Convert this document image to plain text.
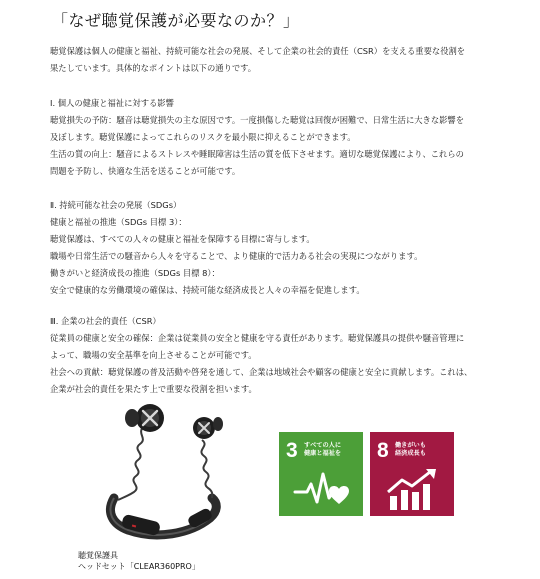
「なぜ聴覚保護が必要なのか？」
聴覚保護は個人の健康と福祉、持続可能な社会の発展、そして企業の社会的責任（CSR）を支える重要な役割を
果たしています。具体的なポイントは以下の通りです。
Ⅰ. 個人の健康と福祉に対する影響
聴覚損失の予防：騒音は聴覚損失の主な原因です。一度損傷した聴覚は回復が困難で、日常生活に大きな影響を
及ぼします。聴覚保護によってこれらのリスクを最小限に抑えることができます。
生活の質の向上：騒音によるストレスや睡眠障害は生活の質を低下させます。適切な聴覚保護により、これらの
問題を予防し、快適な生活を送ることが可能です。
Ⅱ. 持続可能な社会の発展（SDGs）
健康と福祉の推進（SDGs 目標 3）：
聴覚保護は、すべての人々の健康と福祉を保障する目標に寄与します。
職場や日常生活での騒音から人々を守ることで、より健康的で活力ある社会の実現につながります。
働きがいと経済成長の推進（SDGs 目標 8）：
安全で健康的な労働環境の確保は、持続可能な経済成長と人々の幸福を促進します。
Ⅲ. 企業の社会的責任（CSR）
従業員の健康と安全の確保：企業は従業員の安全と健康を守る責任があります。聴覚保護具の提供や騒音管理に
よって、職場の安全基準を向上させることが可能です。
社会への貢献：聴覚保護の普及活動や啓発を通して、企業は地域社会や顧客の健康と安全に貢献します。これは、
企業が社会的責任を果たす上で重要な役割を担います。
聴覚保護具
ヘッドセット「CLEAR360PRO」
3 すべての人に
健康と福祉を 8 働きがいも
経済成長も
